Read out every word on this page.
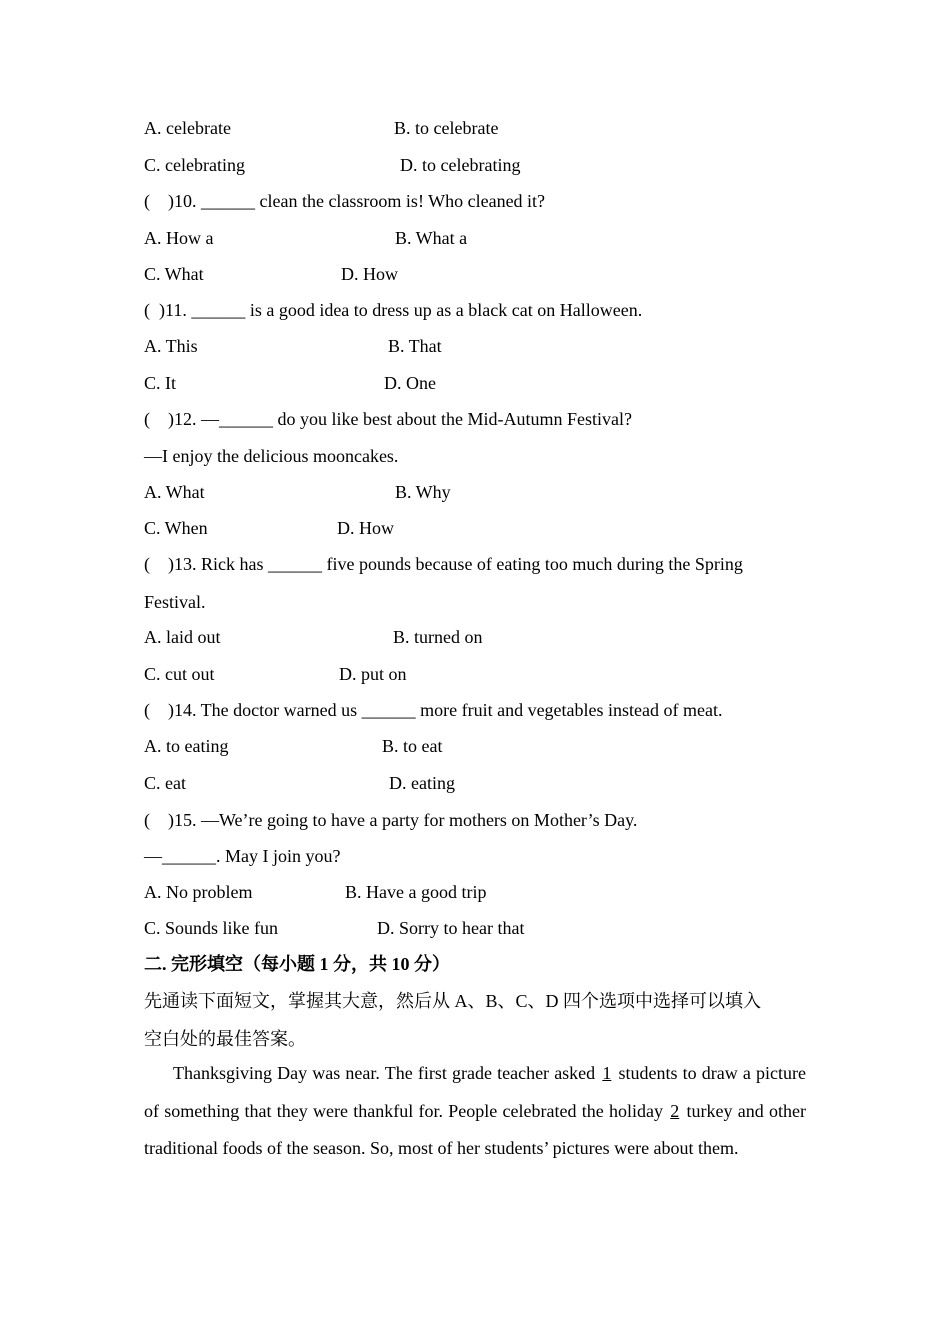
A. celebrate	B. to celebrate
C. celebrating	D. to celebrating
(    )10. ______ clean the classroom is! Who cleaned it?
A. How a	B. What a
C. What	D. How
(  )11. ______ is a good idea to dress up as a black cat on Halloween.
A. This	B. That
C. It	D. One
(    )12. —______ do you like best about the Mid-Autumn Festival?
—I enjoy the delicious mooncakes.
A. What	B. Why
C. When	D. How
(    )13. Rick has ______ five pounds because of eating too much during the Spring
Festival.
A. laid out	B. turned on
C. cut out	D. put on
(    )14. The doctor warned us ______ more fruit and vegetables instead of meat.
A. to eating	B. to eat
C. eat	D. eating
(    )15. —We’re going to have a party for mothers on Mother’s Day.
—______. May I join you?
A. No problem	B. Have a good trip
C. Sounds like fun	D. Sorry to hear that
二. 完形填空（每小题 1 分，共 10 分）
先通读下面短文，掌握其大意，然后从 A、B、C、D 四个选项中选择可以填入
空白处的最佳答案。
Thanksgiving Day was near. The first grade teacher asked 1 students to draw a picture of something that they were thankful for. People celebrated the holiday 2 turkey and other traditional foods of the season. So, most of her students’ pictures were about them.
